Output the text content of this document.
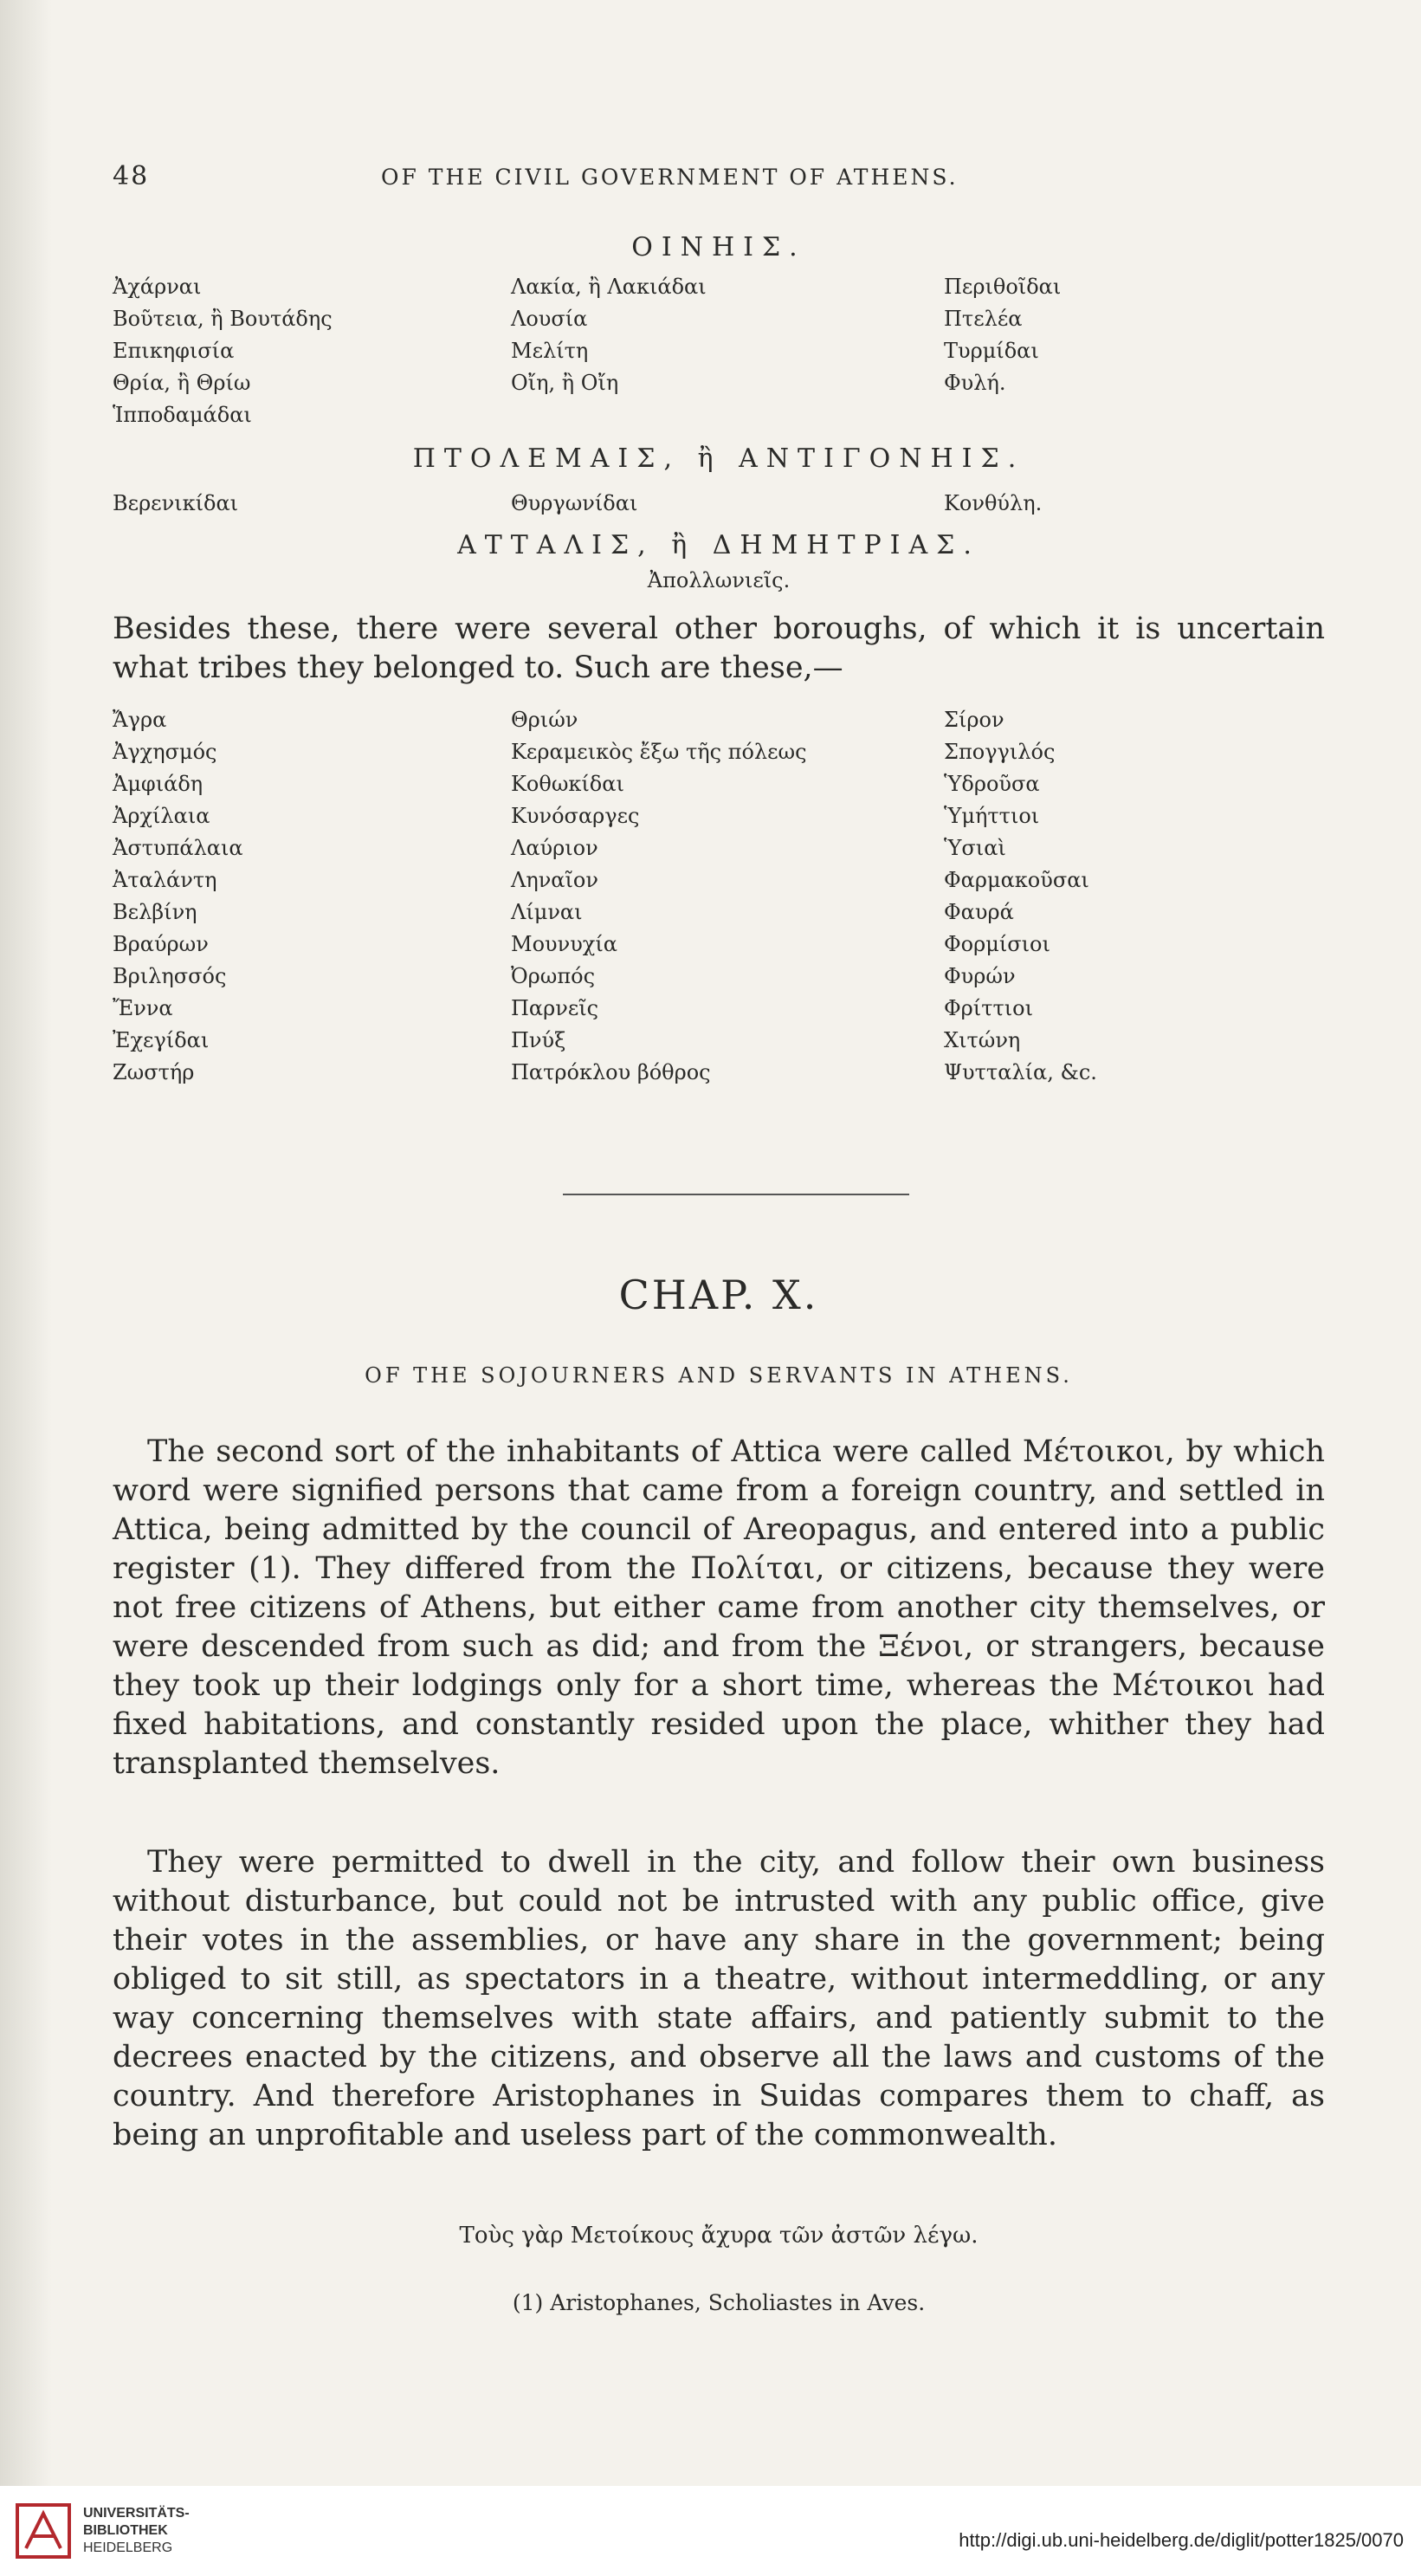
48	OF THE CIVIL GOVERNMENT OF ATHENS.
ΟΙΝΗΙΣ.
Ἀχάρναι	Λακία, ἢ Λακιάδαι	Περιθοῖδαι
Βοῦτεια, ἢ Βουτάδης	Λουσία	Πτελέα
Επικηφισία	Μελίτη	Τυρμίδαι
Θρία, ἢ Θρίω	Οἴη, ἢ Οἴη	Φυλή.
Ἱπποδαμάδαι
ΠΤΟΛΕΜΑΙΣ, ἢ ΑΝΤΙΓΟΝΗΙΣ.
Βερενικίδαι	Θυργωνίδαι	Κονθύλη.
ΑΤΤΑΛΙΣ, ἢ ΔΗΜΗΤΡΙΑΣ.
Ἀπολλωνιεῖς.
Besides these, there were several other boroughs, of which it is uncertain what tribes they belonged to. Such are these,—
Ἄγρα	Θριών	Σίρον
Ἀγχησμός	Κεραμεικὸς ἔξω τῆς πόλεως	Σπογγιλός
Ἀμφιάδη	Κοθωκίδαι	Ὑδροῦσα
Ἀρχίλαια	Κυνόσαργες	Ὑμήττιοι
Ἀστυπάλαια	Λαύριον	Ὑσιαὶ
Ἀταλάντη	Ληναῖον	Φαρμακοῦσαι
Βελβίνη	Λίμναι	Φαυρά
Βραύρων	Μουνυχία	Φορμίσιοι
Βριλησσός	Ὀρωπός	Φυρών
Ἔννα	Παρνεῖς	Φρίττιοι
Ἐχεγίδαι	Πνύξ	Χιτώνη
Ζωστήρ	Πατρόκλου βόθρος	Ψυτταλία, &c.
CHAP. X.
OF THE SOJOURNERS AND SERVANTS IN ATHENS.
The second sort of the inhabitants of Attica were called Μέτοικοι, by which word were signified persons that came from a foreign country, and settled in Attica, being admitted by the council of Areopagus, and entered into a public register (1). They differed from the Πολίται, or citizens, because they were not free citizens of Athens, but either came from another city themselves, or were descended from such as did; and from the Ξένοι, or strangers, because they took up their lodgings only for a short time, whereas the Μέτοικοι had fixed habitations, and constantly resided upon the place, whither they had transplanted themselves.
They were permitted to dwell in the city, and follow their own business without disturbance, but could not be intrusted with any public office, give their votes in the assemblies, or have any share in the government; being obliged to sit still, as spectators in a theatre, without intermeddling, or any way concerning themselves with state affairs, and patiently submit to the decrees enacted by the citizens, and observe all the laws and customs of the country. And therefore Aristophanes in Suidas compares them to chaff, as being an unprofitable and useless part of the commonwealth.
Τοὺς γὰρ Μετοίκους ἄχυρα τῶν ἀστῶν λέγω.
(1) Aristophanes, Scholiastes in Aves.
UNIVERSITÄTS-
BIBLIOTHEK
HEIDELBERG	http://digi.ub.uni-heidelberg.de/diglit/potter1825/0070
